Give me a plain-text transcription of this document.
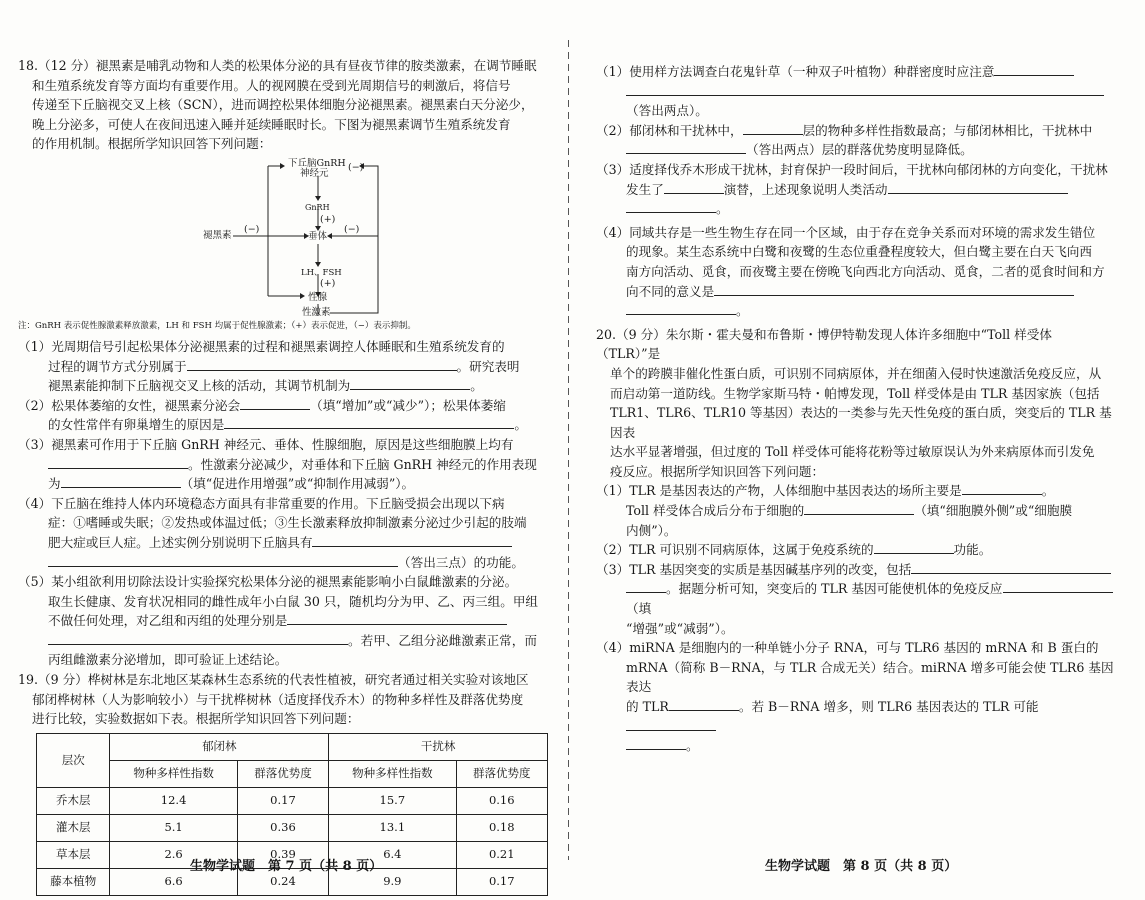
18.（12 分）褪黑素是哺乳动物和人类的松果体分泌的具有昼夜节律的胺类激素，在调节睡眠

和生殖系统发育等方面均有重要作用。人的视网膜在受到光周期信号的刺激后，将信号

传递至下丘脑视交叉上核（SCN），进而调控松果体细胞分泌褪黑素。褪黑素白天分泌少，

晚上分泌多，可使人在夜间迅速入睡并延续睡眠时长。下图为褪黑素调节生殖系统发育

的作用机制。根据所学知识回答下列问题：

下丘脑GnRH
神经元
GnRH
(+)
垂体
LH、FSH
(+)
性腺
性激素
褪黑素
(−)	(−)
(−)

注：GnRH 表示促性腺激素释放激素，LH 和 FSH 均属于促性腺激素；（+）表示促进，（−）表示抑制。

（1）光周期信号引起松果体分泌褪黑素的过程和褪黑素调控人体睡眠和生殖系统发育的

过程的调节方式分别属于	。研究表明

褪黑素能抑制下丘脑视交叉上核的活动，其调节机制为	。

（2）松果体萎缩的女性，褪黑素分泌会	（填“增加”或“减少”）；松果体萎缩

的女性常伴有卵巢增生的原因是	。

（3）褪黑素可作用于下丘脑 GnRH 神经元、垂体、性腺细胞，原因是这些细胞膜上均有

。性激素分泌减少，对垂体和下丘脑 GnRH 神经元的作用表现

为	（填“促进作用增强”或“抑制作用减弱”）。

（4）下丘脑在维持人体内环境稳态方面具有非常重要的作用。下丘脑受损会出现以下病

症：①嗜睡或失眠；②发热或体温过低；③生长激素释放抑制激素分泌过少引起的肢端

肥大症或巨人症。上述实例分别说明下丘脑具有

（答出三点）的功能。

（5）某小组欲利用切除法设计实验探究松果体分泌的褪黑素能影响小白鼠雌激素的分泌。

取生长健康、发育状况相同的雌性成年小白鼠 30 只，随机均分为甲、乙、丙三组。甲组

不做任何处理，对乙组和丙组的处理分别是

。若甲、乙组分泌雌激素正常，而

丙组雌激素分泌增加，即可验证上述结论。

19.（9 分）桦树林是东北地区某森林生态系统的代表性植被，研究者通过相关实验对该地区

郁闭桦树林（人为影响较小）与干扰桦树林（适度择伐乔木）的物种多样性及群落优势度

进行比较，实验数据如下表。根据所学知识回答下列问题：

层次	郁闭林		干扰林	
	物种多样性指数	群落优势度	物种多样性指数	群落优势度
乔木层	12.4	0.17	15.7	0.16
灌木层	5.1	0.36	13.1	0.18
草本层	2.6	0.39	6.4	0.21
藤本植物	6.6	0.24	9.9	0.17
生物学试题　第 7 页（共 8 页）

（1）使用样方法调查白花鬼针草（一种双子叶植物）种群密度时应注意

（答出两点）。

（2）郁闭林和干扰林中，	层的物种多样性指数最高；与郁闭林相比，干扰林中

（答出两点）层的群落优势度明显降低。

（3）适度择伐乔木形成干扰林，封育保护一段时间后，干扰林向郁闭林的方向变化，干扰林

发生了	演替，上述现象说明人类活动

。

（4）同域共存是一些生物生存在同一个区域，由于存在竞争关系而对环境的需求发生错位

的现象。某生态系统中白鹭和夜鹭的生态位重叠程度较大，但白鹭主要在白天飞向西

南方向活动、觅食，而夜鹭主要在傍晚飞向西北方向活动、觅食，二者的觅食时间和方

向不同的意义是

。

20.（9 分）朱尔斯・霍夫曼和布鲁斯・博伊特勒发现人体许多细胞中“Toll 样受体（TLR）”是

单个的跨膜非催化性蛋白质，可识别不同病原体，并在细菌入侵时快速激活免疫反应，从

而启动第一道防线。生物学家斯马特・帕博发现，Toll 样受体是由 TLR 基因家族（包括

TLR1、TLR6、TLR10 等基因）表达的一类参与先天性免疫的蛋白质，突变后的 TLR 基因表

达水平显著增强，但过度的 Toll 样受体可能将花粉等过敏原误认为外来病原体而引发免

疫反应。根据所学知识回答下列问题：

（1）TLR 是基因表达的产物，人体细胞中基因表达的场所主要是	。

Toll 样受体合成后分布于细胞的	（填“细胞膜外侧”或“细胞膜

内侧”）。

（2）TLR 可识别不同病原体，这属于免疫系统的	功能。

（3）TLR 基因突变的实质是基因碱基序列的改变，包括

。据题分析可知，突变后的 TLR 基因可能使机体的免疫反应（填

“增强”或“减弱”）。

（4）miRNA 是细胞内的一种单链小分子 RNA，可与 TLR6 基因的 mRNA 和 B 蛋白的

mRNA（简称 B－RNA，与 TLR 合成无关）结合。miRNA 增多可能会使 TLR6 基因表达

的 TLR	。若 B－RNA 增多，则 TLR6 基因表达的 TLR 可能

。

生物学试题　第 8 页（共 8 页）
